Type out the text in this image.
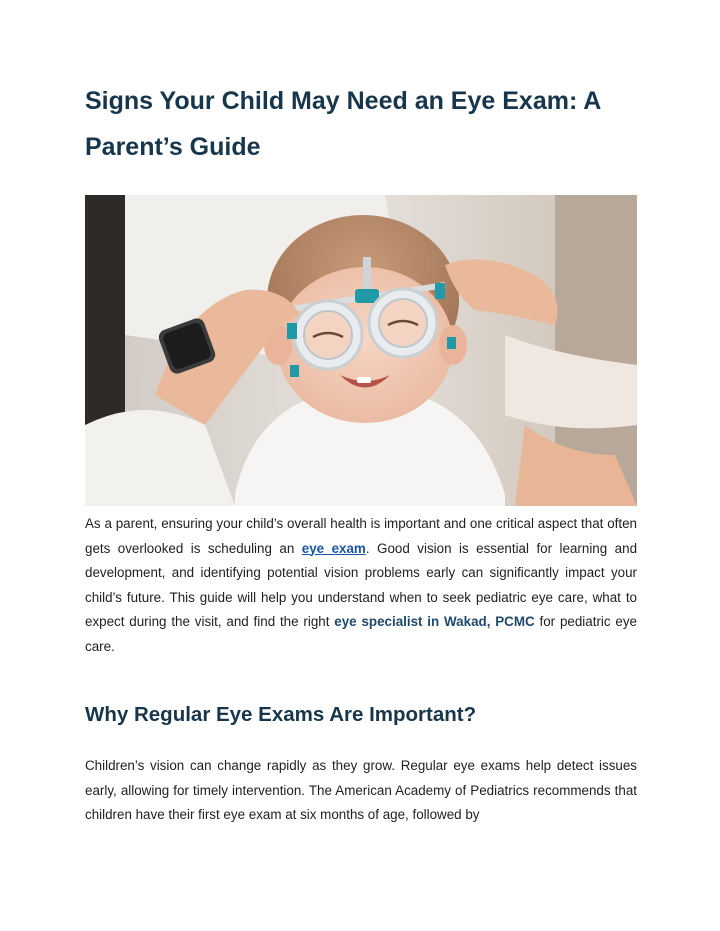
Signs Your Child May Need an Eye Exam: A Parent’s Guide

As a parent, ensuring your child’s overall health is important and one critical aspect that often gets overlooked is scheduling an eye exam. Good vision is essential for learning and development, and identifying potential vision problems early can significantly impact your child’s future. This guide will help you understand when to seek pediatric eye care, what to expect during the visit, and find the right eye specialist in Wakad, PCMC for pediatric eye care.

Why Regular Eye Exams Are Important?

Children’s vision can change rapidly as they grow. Regular eye exams help detect issues early, allowing for timely intervention. The American Academy of Pediatrics recommends that children have their first eye exam at six months of age, followed by
